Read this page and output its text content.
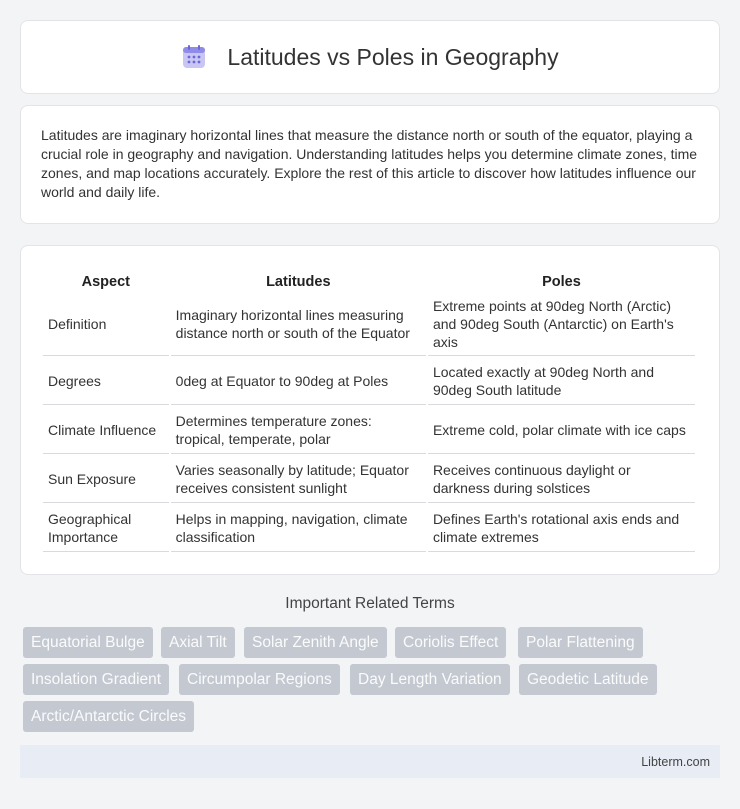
Latitudes vs Poles in Geography

Latitudes are imaginary horizontal lines that measure the distance north or south of the equator, playing a crucial role in geography and navigation. Understanding latitudes helps you determine climate zones, time zones, and map locations accurately. Explore the rest of this article to discover how latitudes influence our world and daily life.

Aspect	Latitudes	Poles
Definition	Imaginary horizontal lines measuring distance north or south of the Equator	Extreme points at 90deg North (Arctic) and 90deg South (Antarctic) on Earth's axis
Degrees	0deg at Equator to 90deg at Poles	Located exactly at 90deg North and 90deg South latitude
Climate Influence	Determines temperature zones: tropical, temperate, polar	Extreme cold, polar climate with ice caps
Sun Exposure	Varies seasonally by latitude; Equator receives consistent sunlight	Receives continuous daylight or darkness during solstices
Geographical Importance	Helps in mapping, navigation, climate classification	Defines Earth's rotational axis ends and climate extremes
Important Related Terms
Equatorial Bulge	Axial Tilt	Solar Zenith Angle	Coriolis Effect	Polar Flattening
Insolation Gradient	Circumpolar Regions	Day Length Variation	Geodetic Latitude
Arctic/Antarctic Circles
Libterm.com
